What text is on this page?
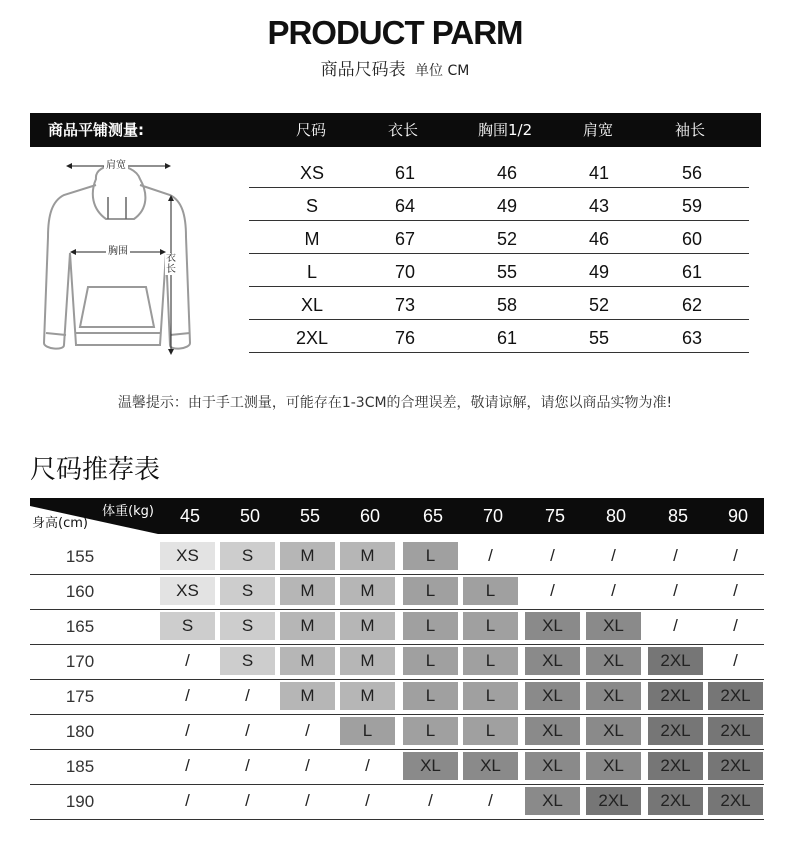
PRODUCT PARM
商品尺码表 单位 CM
商品平铺测量:	尺码	衣长	胸围1/2	肩宽	袖长
肩宽
胸围
衣长
XS	61	46	41	56
S	64	49	43	59
M	67	52	46	60
L	70	55	49	61
XL	73	58	52	62
2XL	76	61	55	63
温馨提示：由于手工测量，可能存在1-3CM的合理误差，敬请谅解，请您以商品实物为准!
尺码推荐表
体重(kg)
身高(cm)	45	50	55	60	65	70	75	80	85	90
155	XS	S	M	M	L	/	/	/	/	/
160	XS	S	M	M	L	L	/	/	/	/
165	S	S	M	M	L	L	XL	XL	/	/
170	/	S	M	M	L	L	XL	XL	2XL	/
175	/	/	M	M	L	L	XL	XL	2XL	2XL
180	/	/	/	L	L	L	XL	XL	2XL	2XL
185	/	/	/	/	XL	XL	XL	XL	2XL	2XL
190	/	/	/	/	/	/	XL	2XL	2XL	2XL
